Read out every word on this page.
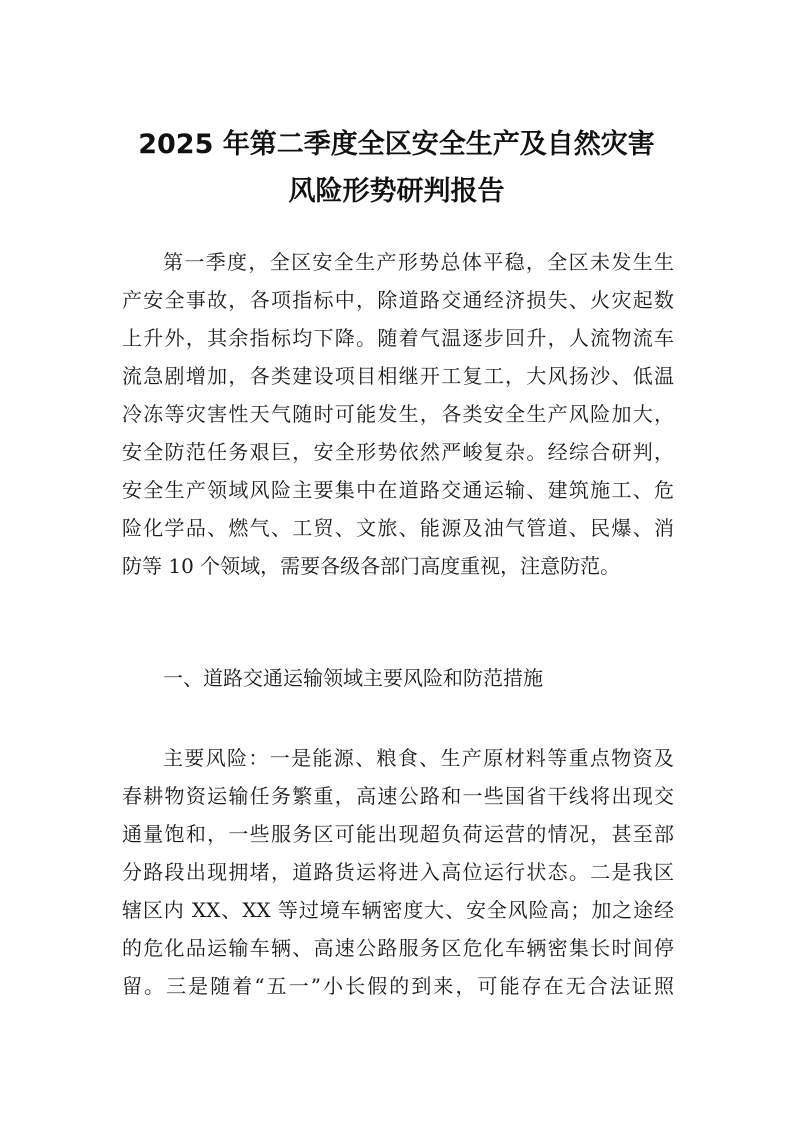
2025 年第二季度全区安全生产及自然灾害
风险形势研判报告
第一季度，全区安全生产形势总体平稳，全区未发生生
产安全事故，各项指标中，除道路交通经济损失、火灾起数
上升外，其余指标均下降。随着气温逐步回升，人流物流车
流急剧增加，各类建设项目相继开工复工，大风扬沙、低温
冷冻等灾害性天气随时可能发生，各类安全生产风险加大，
安全防范任务艰巨，安全形势依然严峻复杂。经综合研判，
安全生产领域风险主要集中在道路交通运输、建筑施工、危
险化学品、燃气、工贸、文旅、能源及油气管道、民爆、消
防等 10 个领域，需要各级各部门高度重视，注意防范。
一、道路交通运输领域主要风险和防范措施
主要风险：一是能源、粮食、生产原材料等重点物资及
春耕物资运输任务繁重，高速公路和一些国省干线将出现交
通量饱和，一些服务区可能出现超负荷运营的情况，甚至部
分路段出现拥堵，道路货运将进入高位运行状态。二是我区
辖区内 XX、XX 等过境车辆密度大、安全风险高；加之途经
的危化品运输车辆、高速公路服务区危化车辆密集长时间停
留。三是随着“五一”小长假的到来，可能存在无合法证照
